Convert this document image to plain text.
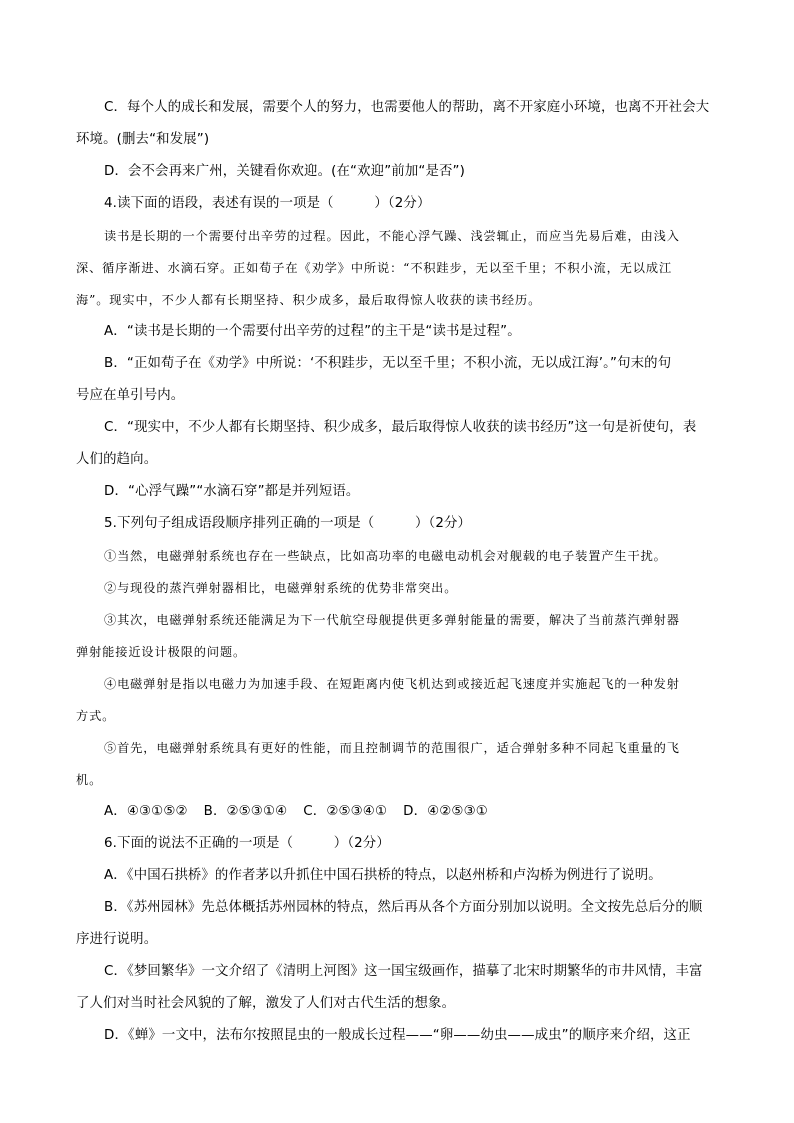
C．每个人的成长和发展，需要个人的努力，也需要他人的帮助，离不开家庭小环境，也离不开社会大

环境。(删去“和发展”)

D．会不会再来广州，关键看你欢迎。(在“欢迎”前加“是否”)

4.读下面的语段，表述有误的一项是（　　　）（2分）

读书是长期的一个需要付出辛劳的过程。因此，不能心浮气躁、浅尝辄止，而应当先易后难，由浅入

深、循序渐进、水滴石穿。正如荀子在《劝学》中所说：“不积跬步，无以至千里；不积小流，无以成江

海”。现实中，不少人都有长期坚持、积少成多，最后取得惊人收获的读书经历。

A．“读书是长期的一个需要付出辛劳的过程”的主干是“读书是过程”。

B．“正如荀子在《劝学》中所说：‘不积跬步，无以至千里；不积小流，无以成江海’。”句末的句

号应在单引号内。

C．“现实中，不少人都有长期坚持、积少成多，最后取得惊人收获的读书经历”这一句是祈使句，表

人们的趋向。

D．“心浮气躁”“水滴石穿”都是并列短语。

5.下列句子组成语段顺序排列正确的一项是（　　　）（2分）

①当然，电磁弹射系统也存在一些缺点，比如高功率的电磁电动机会对舰载的电子装置产生干扰。

②与现役的蒸汽弹射器相比，电磁弹射系统的优势非常突出。

③其次，电磁弹射系统还能满足为下一代航空母舰提供更多弹射能量的需要，解决了当前蒸汽弹射器

弹射能接近设计极限的问题。

④电磁弹射是指以电磁力为加速手段、在短距离内使飞机达到或接近起飞速度并实施起飞的一种发射

方式。

⑤首先，电磁弹射系统具有更好的性能，而且控制调节的范围很广，适合弹射多种不同起飞重量的飞

机。

A．④③①⑤② B．②⑤③①④ C．②⑤③④① D．④②⑤③①

6.下面的说法不正确的一项是（　　　）（2分）

A．《中国石拱桥》的作者茅以升抓住中国石拱桥的特点，以赵州桥和卢沟桥为例进行了说明。

B．《苏州园林》先总体概括苏州园林的特点，然后再从各个方面分别加以说明。全文按先总后分的顺

序进行说明。

C．《梦回繁华》一文介绍了《清明上河图》这一国宝级画作，描摹了北宋时期繁华的市井风情，丰富

了人们对当时社会风貌的了解，激发了人们对古代生活的想象。

D．《蝉》一文中，法布尔按照昆虫的一般成长过程——“卵——幼虫——成虫”的顺序来介绍，这正
